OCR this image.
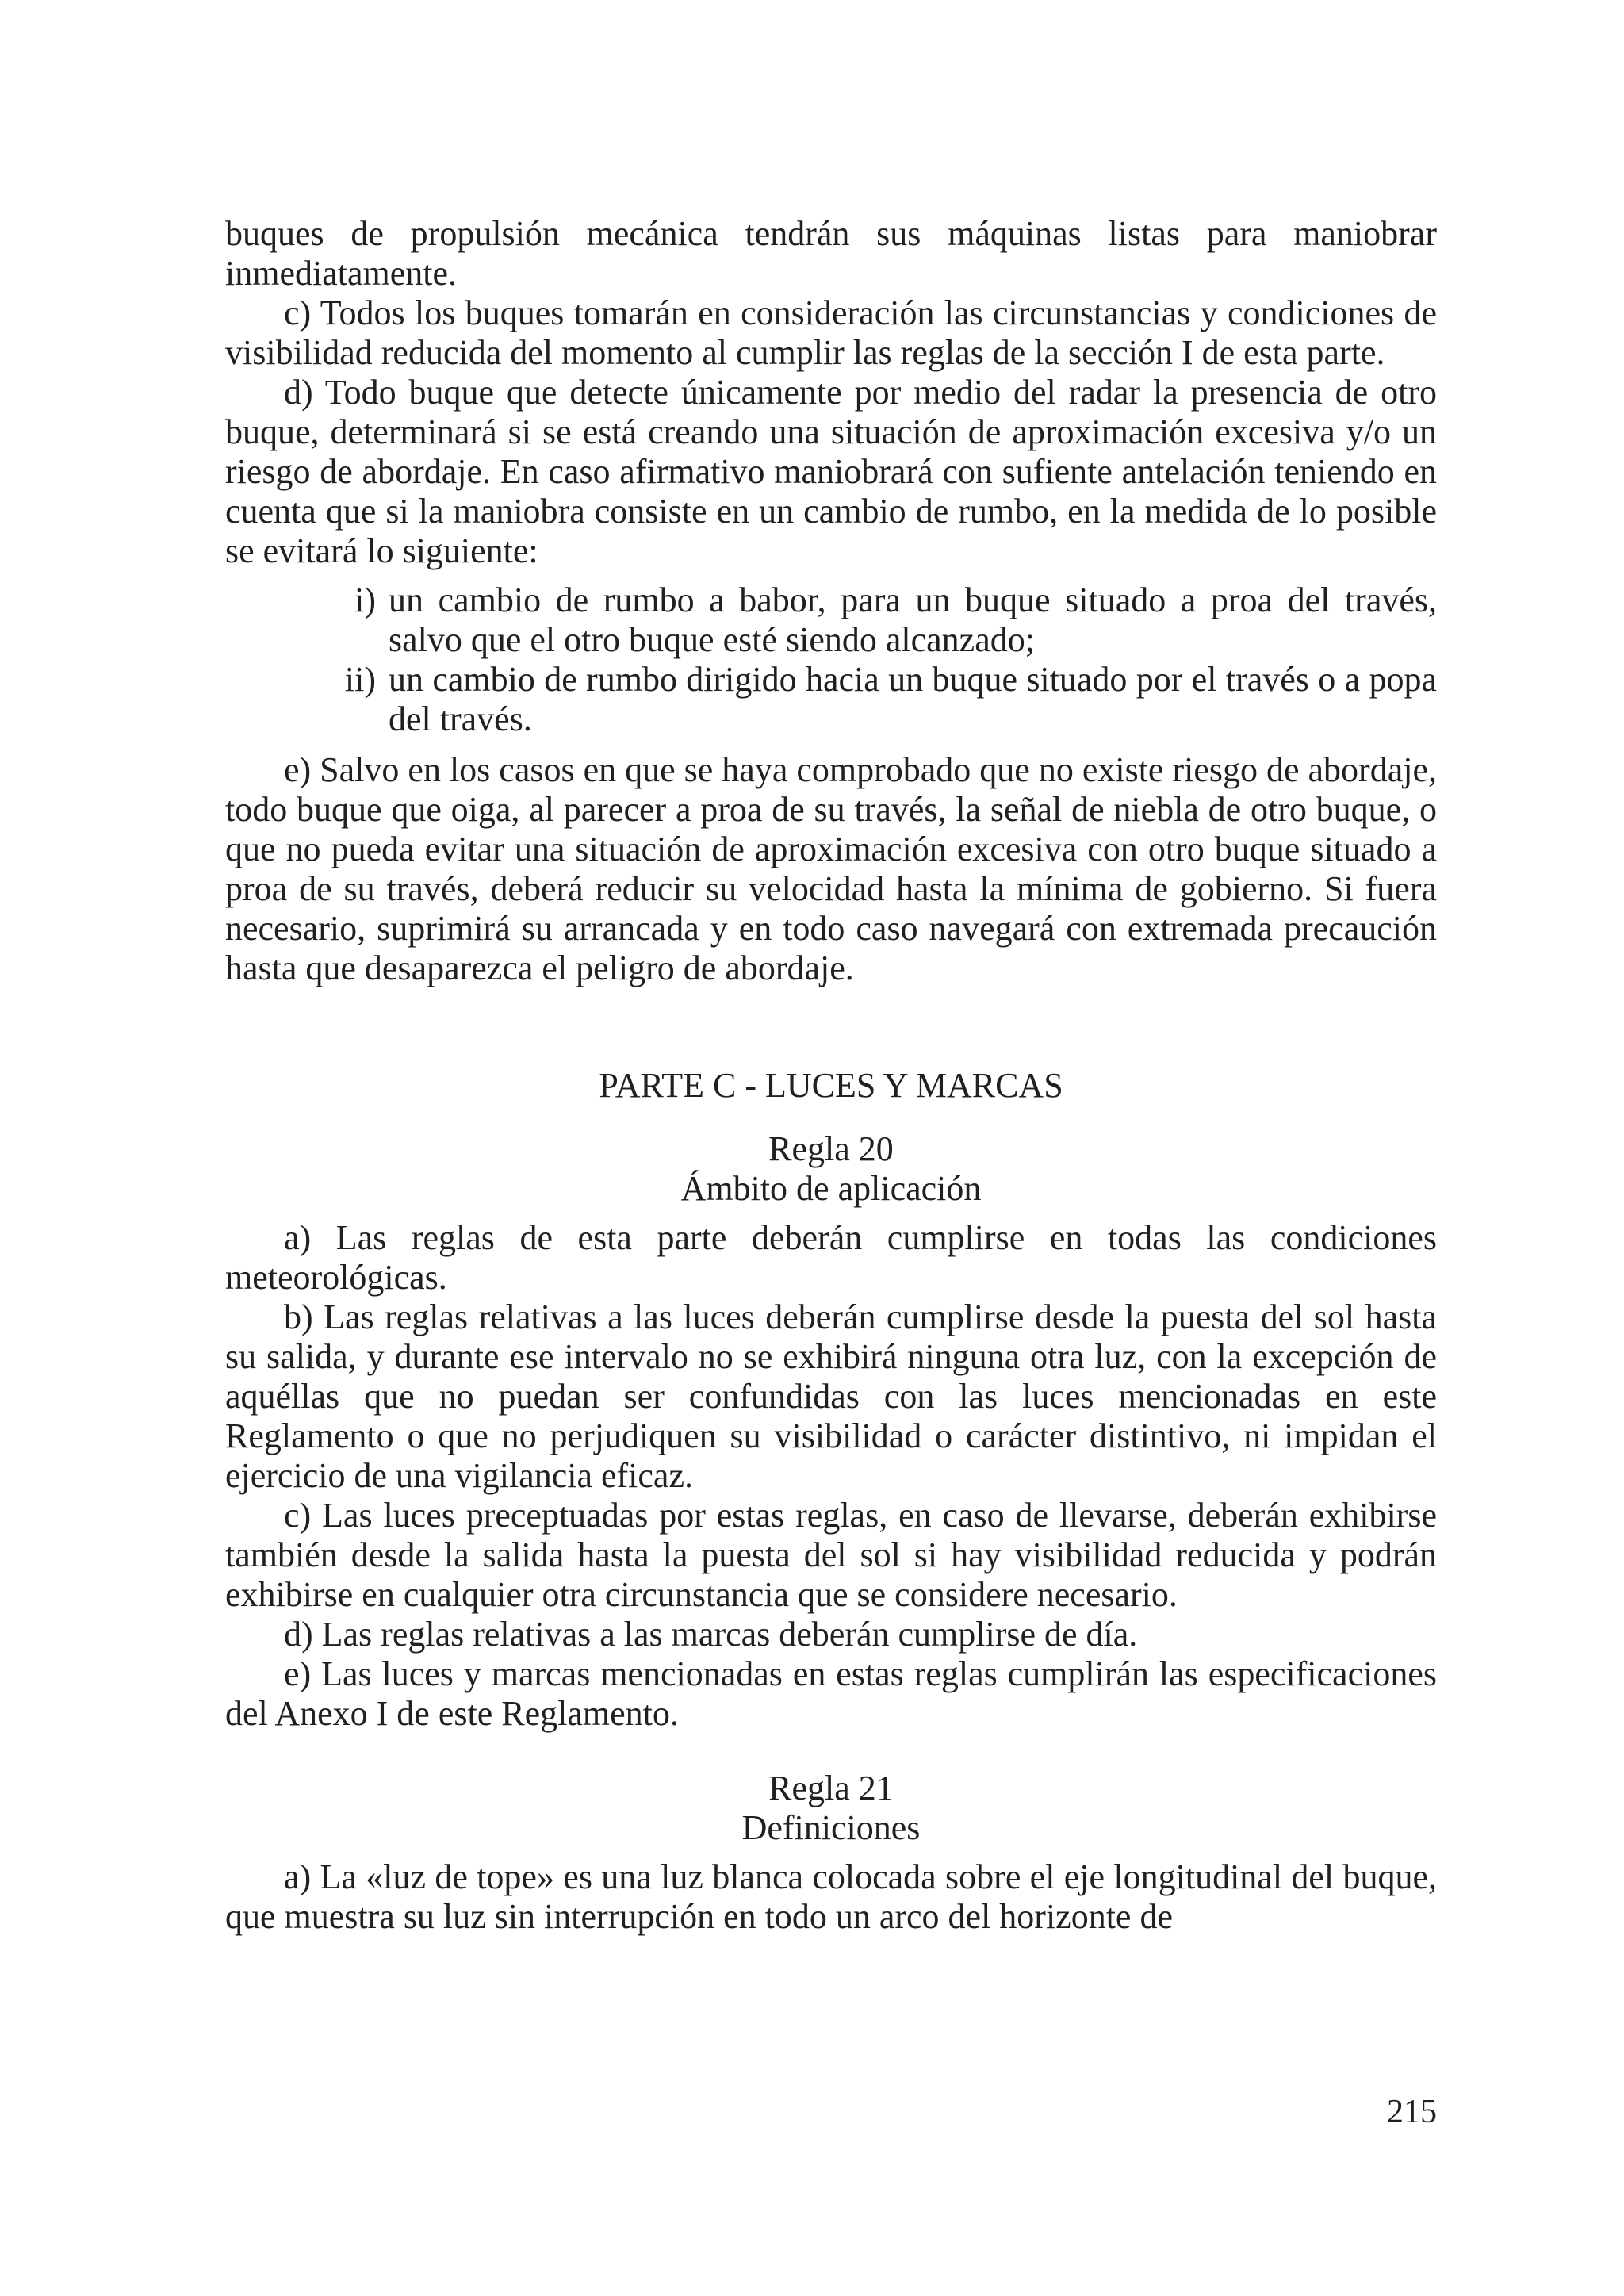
buques de propulsión mecánica tendrán sus máquinas listas para maniobrar inmediatamente.

c) Todos los buques tomarán en consideración las circunstancias y condiciones de visibilidad reducida del momento al cumplir las reglas de la sección I de esta parte.

d) Todo buque que detecte únicamente por medio del radar la presencia de otro buque, determinará si se está creando una situación de aproximación excesiva y/o un riesgo de abordaje. En caso afirmativo maniobrará con sufiente antelación teniendo en cuenta que si la maniobra consiste en un cambio de rumbo, en la medida de lo posible se evitará lo siguiente:

i) un cambio de rumbo a babor, para un buque situado a proa del través, salvo que el otro buque esté siendo alcanzado;
ii) un cambio de rumbo dirigido hacia un buque situado por el través o a popa del través.

e) Salvo en los casos en que se haya comprobado que no existe riesgo de abordaje, todo buque que oiga, al parecer a proa de su través, la señal de niebla de otro buque, o que no pueda evitar una situación de aproximación excesiva con otro buque situado a proa de su través, deberá reducir su velocidad hasta la mínima de gobierno. Si fuera necesario, suprimirá su arrancada y en todo caso navegará con extremada precaución hasta que desaparezca el peligro de abordaje.

PARTE C - LUCES Y MARCAS

Regla 20

Ámbito de aplicación

a) Las reglas de esta parte deberán cumplirse en todas las condiciones meteorológicas.

b) Las reglas relativas a las luces deberán cumplirse desde la puesta del sol hasta su salida, y durante ese intervalo no se exhibirá ninguna otra luz, con la excepción de aquéllas que no puedan ser confundidas con las luces mencionadas en este Reglamento o que no perjudiquen su visibilidad o carácter distintivo, ni impidan el ejercicio de una vigilancia eficaz.

c) Las luces preceptuadas por estas reglas, en caso de llevarse, deberán exhibirse también desde la salida hasta la puesta del sol si hay visibilidad reducida y podrán exhibirse en cualquier otra circunstancia que se considere necesario.

d) Las reglas relativas a las marcas deberán cumplirse de día.

e) Las luces y marcas mencionadas en estas reglas cumplirán las especificaciones del Anexo I de este Reglamento.

Regla 21

Definiciones

a) La «luz de tope» es una luz blanca colocada sobre el eje longitudinal del buque, que muestra su luz sin interrupción en todo un arco del horizonte de

215
